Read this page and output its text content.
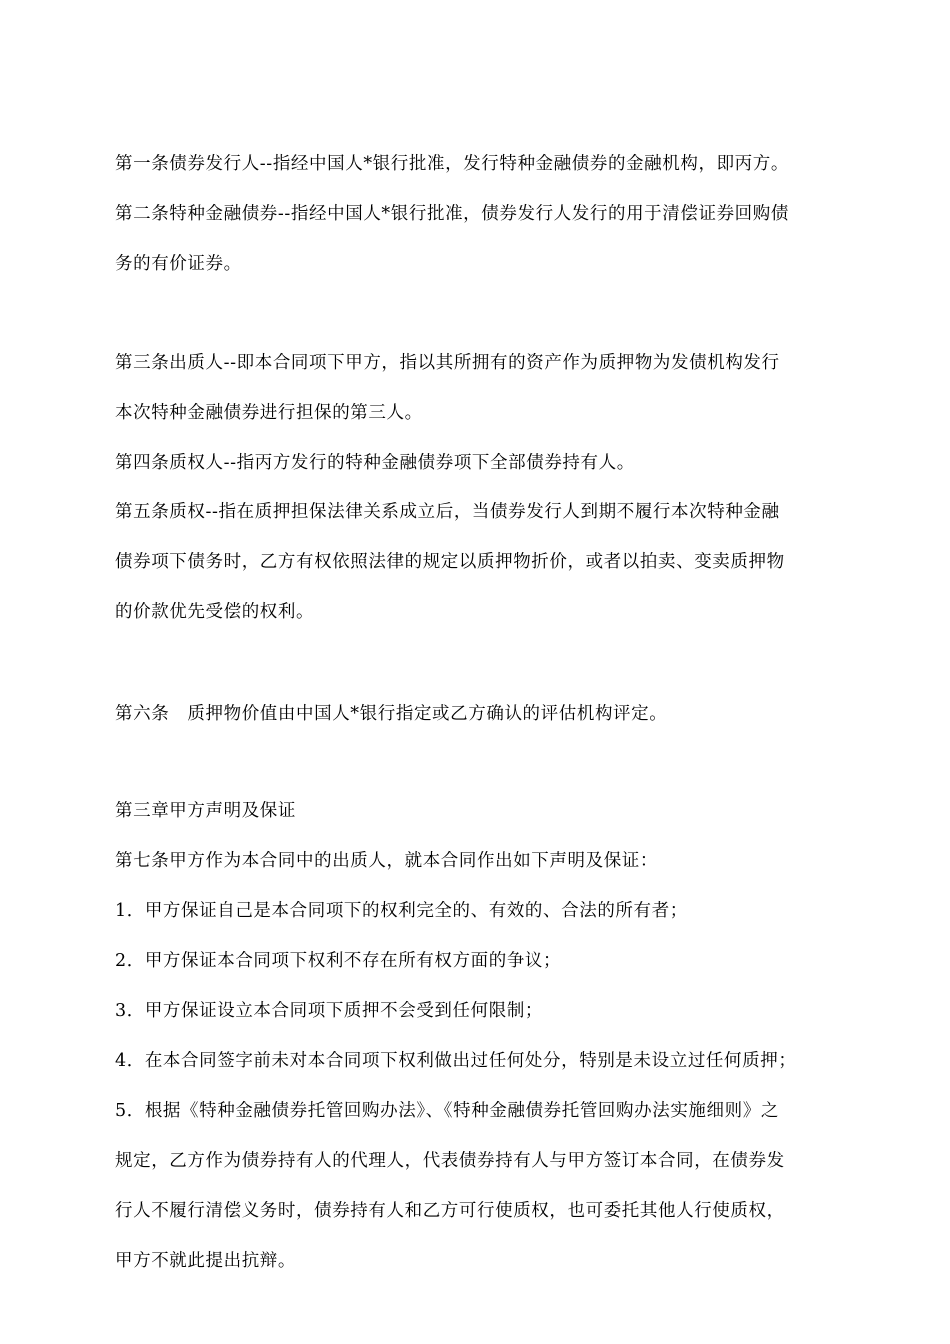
第一条债券发行人--指经中国人*银行批准，发行特种金融债券的金融机构，即丙方。
第二条特种金融债券--指经中国人*银行批准，债券发行人发行的用于清偿证券回购债
务的有价证券。
第三条出质人--即本合同项下甲方，指以其所拥有的资产作为质押物为发债机构发行
本次特种金融债券进行担保的第三人。
第四条质权人--指丙方发行的特种金融债券项下全部债券持有人。
第五条质权--指在质押担保法律关系成立后，当债券发行人到期不履行本次特种金融
债券项下债务时，乙方有权依照法律的规定以质押物折价，或者以拍卖、变卖质押物
的价款优先受偿的权利。
第六条　质押物价值由中国人*银行指定或乙方确认的评估机构评定。
第三章甲方声明及保证
第七条甲方作为本合同中的出质人，就本合同作出如下声明及保证：
1．甲方保证自己是本合同项下的权利完全的、有效的、合法的所有者；
2．甲方保证本合同项下权利不存在所有权方面的争议；
3．甲方保证设立本合同项下质押不会受到任何限制；
4．在本合同签字前未对本合同项下权利做出过任何处分，特别是未设立过任何质押；
5．根据《特种金融债券托管回购办法》、《特种金融债券托管回购办法实施细则》之
规定，乙方作为债券持有人的代理人，代表债券持有人与甲方签订本合同，在债券发
行人不履行清偿义务时，债券持有人和乙方可行使质权，也可委托其他人行使质权，
甲方不就此提出抗辩。
